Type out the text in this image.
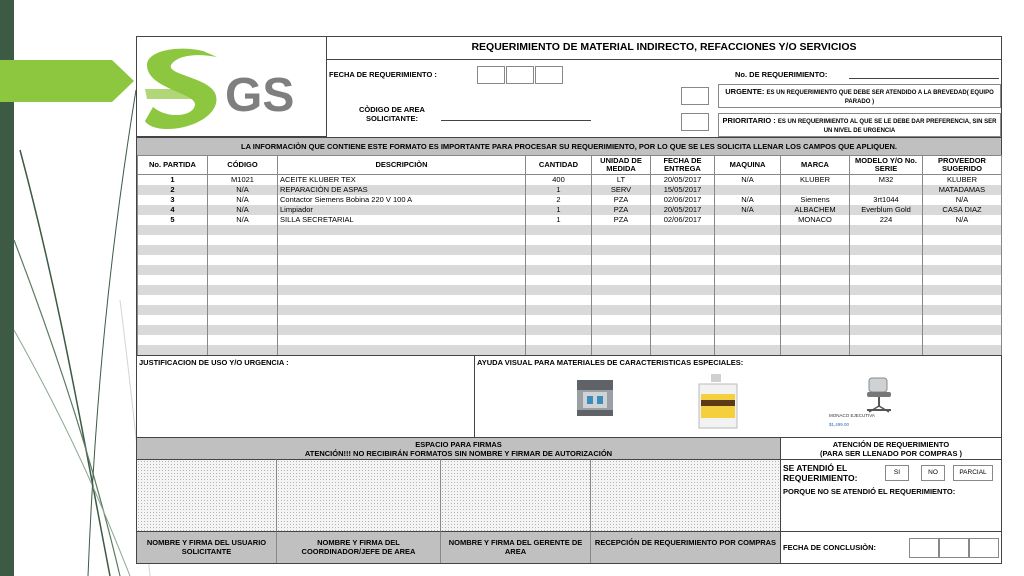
GS
REQUERIMIENTO DE MATERIAL INDIRECTO, REFACCIONES Y/O SERVICIOS
FECHA DE REQUERIMIENTO :	No. DE REQUERIMIENTO:
CÒDIGO DE AREA SOLICITANTE:
URGENTE: ES UN REQUERIMIENTO QUE DEBE SER ATENDIDO A LA BREVEDAD( EQUIPO PARADO )
PRIORITARIO : ES UN REQUERIMIENTO AL QUE SE LE DEBE DAR PREFERENCIA, SIN SER UN NIVEL DE URGENCIA
LA INFORMACIÒN QUE CONTIENE ESTE FORMATO ES IMPORTANTE PARA PROCESAR SU REQUERIMIENTO, POR LO QUE SE LES SOLICITA LLENAR LOS CAMPOS QUE APLIQUEN.
No. PARTIDA	CÓDIGO	DESCRIPCIÒN	CANTIDAD	UNIDAD DE MEDIDA	FECHA DE ENTREGA	MAQUINA	MARCA	MODELO Y/O No. SERIE	PROVEEDOR SUGERIDO
1	M1021	ACEITE KLUBER TEX	400	LT	20/05/2017	N/A	KLUBER	M32	KLUBER
2	N/A	REPARACIÒN DE ASPAS	1	SERV	15/05/2017				MATADAMAS
3	N/A	Contactor Siemens Bobina 220 V 100 A	2	PZA	02/06/2017	N/A	Siemens	3rt1044	N/A
4	N/A	Limpiador	1	PZA	20/05/2017	N/A	ALBACHEM	Everblum Gold	CASA DIAZ
5	N/A	SILLA SECRETARIAL	1	PZA	02/06/2017		MONACO	224	N/A

JUSTIFICACION DE USO Y/O URGENCIA :	AYUDA VISUAL PARA MATERIALES DE CARACTERISTICAS ESPECIALES:
MONACO EJECUTIVA
$1,499.00
ESPACIO PARA FIRMAS
ATENCIÓN!!! NO RECIBIRÁN FORMATOS SIN NOMBRE Y FIRMAR DE AUTORIZACIÓN
ATENCIÓN DE REQUERIMIENTO
(PARA SER LLENADO POR COMPRAS )
SE ATENDIÓ EL REQUERIMIENTO:
SI	NO	PARCIAL
PORQUE NO SE ATENDIÓ EL REQUERIMIENTO:
NOMBRE Y FIRMA DEL USUARIO SOLICITANTE
NOMBRE Y FIRMA DEL COORDINADOR/JEFE DE AREA
NOMBRE Y FIRMA DEL GERENTE DE AREA
RECEPCIÓN DE REQUERIMIENTO POR COMPRAS
FECHA DE CONCLUSIÒN:
